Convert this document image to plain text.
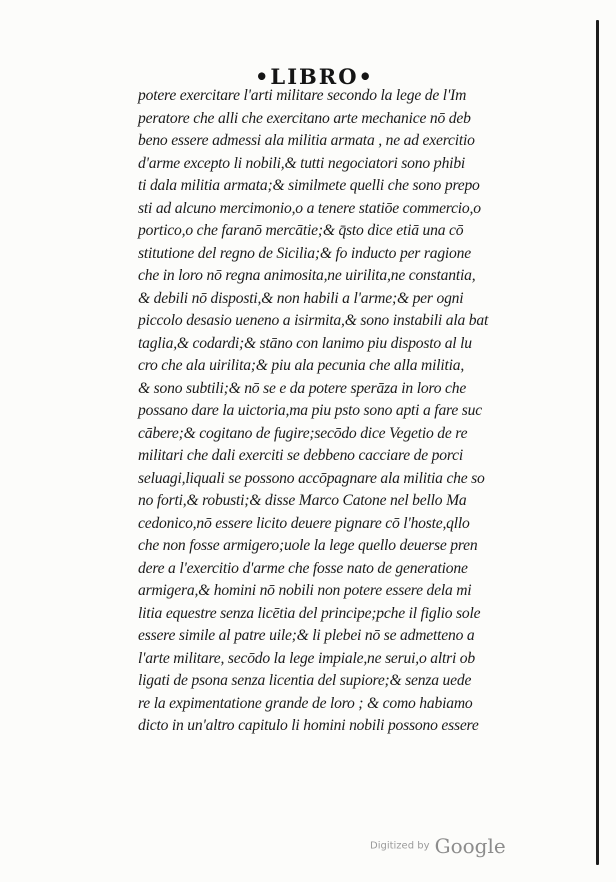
•LIBRO•
potere exercitare l'arti militare secondo la lege de l'Im
peratore che alli che exercitano arte mechanice nō deb
beno essere admessi ala militia armata , ne ad exercitio
d'arme excepto li nobili,& tutti negociatori sono ƿhibi
ti dala militia armata;& similmete quelli che sono prepo
sti ad alcuno mercimonio,o a tenere statiōe commercio,o
portico,o che faranō mercātie;& q̄sto dice etiā una cō
stitutione del regno de Sicilia;& fo inducto per ragione
che in loro nō regna animosita,ne uirilita,ne constantia,
& debili nō disposti,& non habili a l'arme;& per ogni
piccolo desasio ueneno a isirmita,& sono instabili ala bat
taglia,& codardi;& stāno con lanimo piu disposto al lu
cro che ala uirilita;& piu ala pecunia che alla militia,
& sono subtili;& nō se e da potere sperāza in loro che
possano dare la uictoria,ma piu psto sono apti a fare suc
cābere;& cogitano de fugire;secōdo dice Vegetio de re
militari che dali exerciti se debbeno cacciare de porci
seluagi,liquali se possono accōpagnare ala militia che so
no forti,& robusti;& disse Marco Catone nel bello Ma
cedonico,nō essere licito deuere pignare cō l'hoste,qllo
che non fosse armigero;uole la lege quello deuerse pren
dere a l'exercitio d'arme che fosse nato de generatione
armigera,& homini nō nobili non potere essere dela mi
litia equestre senza licētia del principe;pche il figlio sole
essere simile al patre uile;& li plebei nō se admetteno a
l'arte militare, secōdo la lege impiale,ne serui,o altri ob
ligati de psona senza licentia del supiore;& senza uede
re la expimentatione grande de loro ; & como habiamo
dicto in un'altro capitulo li homini nobili possono essere
Digitized by Google
